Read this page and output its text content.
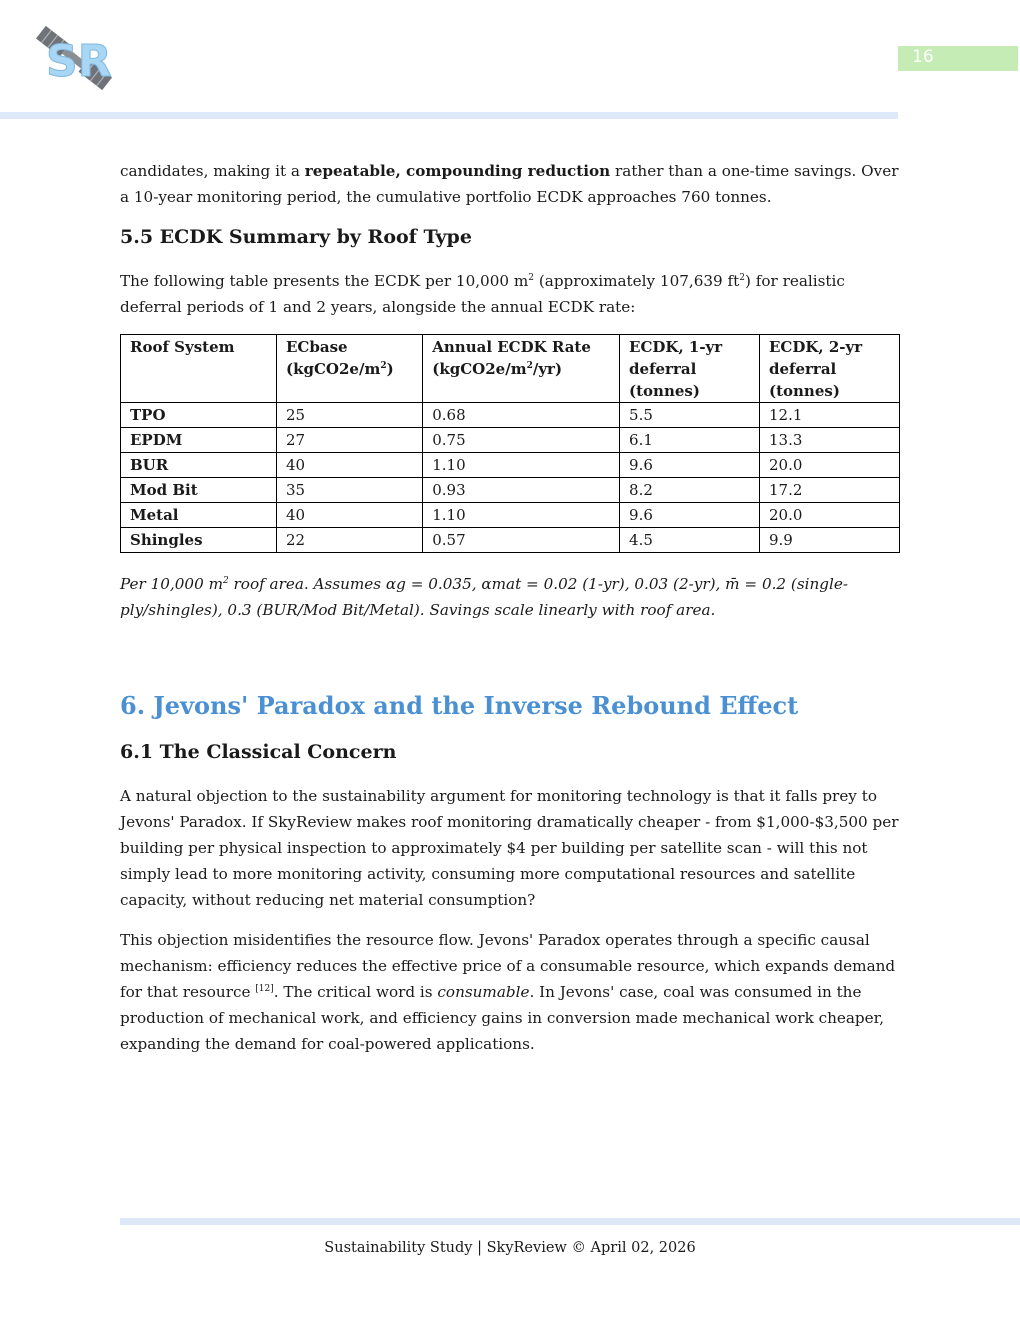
SR	16

candidates, making it a repeatable, compounding reduction rather than a one-time savings. Over a 10-year monitoring period, the cumulative portfolio ECDK approaches 760 tonnes.

5.5 ECDK Summary by Roof Type

The following table presents the ECDK per 10,000 $m^2$ (approximately 107,639 $ft^2$) for realistic deferral periods of 1 and 2 years, alongside the annual ECDK rate:

Roof System	ECbase $(kgCO2e/m^2)$	Annual ECDK Rate $(kgCO2e/m^2/yr)$	ECDK, 1-yr deferral (tonnes)	ECDK, 2-yr deferral (tonnes)
TPO	25	0.68	5.5	12.1
EPDM	27	0.75	6.1	13.3
BUR	40	1.10	9.6	20.0
Mod Bit	35	0.93	8.2	17.2
Metal	40	1.10	9.6	20.0
Shingles	22	0.57	4.5	9.9

Per 10,000 $m^2$ roof area. Assumes αg = 0.035, αmat = 0.02 (1-yr), 0.03 (2-yr), m̄ = 0.2 (single-ply/shingles), 0.3 (BUR/Mod Bit/Metal). Savings scale linearly with roof area.

6. Jevons' Paradox and the Inverse Rebound Effect
6.1 The Classical Concern

A natural objection to the sustainability argument for monitoring technology is that it falls prey to Jevons' Paradox. If SkyReview makes roof monitoring dramatically cheaper - from $1,000-$3,500 per building per physical inspection to approximately $4 per building per satellite scan - will this not simply lead to more monitoring activity, consuming more computational resources and satellite capacity, without reducing net material consumption?

This objection misidentifies the resource flow. Jevons' Paradox operates through a specific causal mechanism: efficiency reduces the effective price of a consumable resource, which expands demand for that resource [12]. The critical word is consumable. In Jevons' case, coal was consumed in the production of mechanical work, and efficiency gains in conversion made mechanical work cheaper, expanding the demand for coal-powered applications.

Sustainability Study | SkyReview © April 02, 2026
